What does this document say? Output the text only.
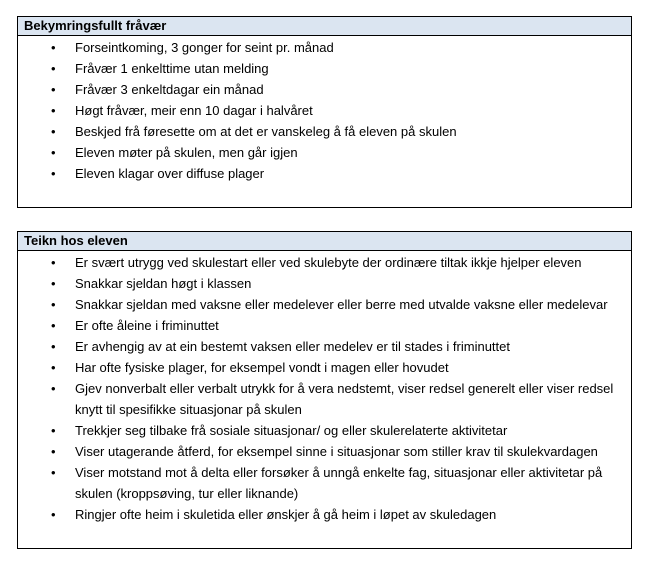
Bekymringsfullt fråvær
• Forseintkoming, 3 gonger for seint pr. månad
• Fråvær 1 enkelttime utan melding
• Fråvær 3 enkeltdagar ein månad
• Høgt fråvær, meir enn 10 dagar i halvåret
• Beskjed frå føresette om at det er vanskeleg å få eleven på skulen
• Eleven møter på skulen, men går igjen
• Eleven klagar over diffuse plager
Teikn hos eleven
• Er svært utrygg ved skulestart eller ved skulebyte der ordinære tiltak ikkje hjelper eleven
• Snakkar sjeldan høgt i klassen
• Snakkar sjeldan med vaksne eller medelever eller berre med utvalde vaksne eller medelevar
• Er ofte åleine i friminuttet
• Er avhengig av at ein bestemt vaksen eller medelev er til stades i friminuttet
• Har ofte fysiske plager, for eksempel vondt i magen eller hovudet
• Gjev nonverbalt eller verbalt utrykk for å vera nedstemt, viser redsel generelt eller viser redsel knytt til spesifikke situasjonar på skulen
• Trekkjer seg tilbake frå sosiale situasjonar/ og eller skulerelaterte aktivitetar
• Viser utagerande åtferd, for eksempel sinne i situasjonar som stiller krav til skulekvardagen
• Viser motstand mot å delta eller forsøker å unngå enkelte fag, situasjonar eller aktivitetar på skulen (kroppsøving, tur eller liknande)
• Ringjer ofte heim i skuletida eller ønskjer å gå heim i løpet av skuledagen
